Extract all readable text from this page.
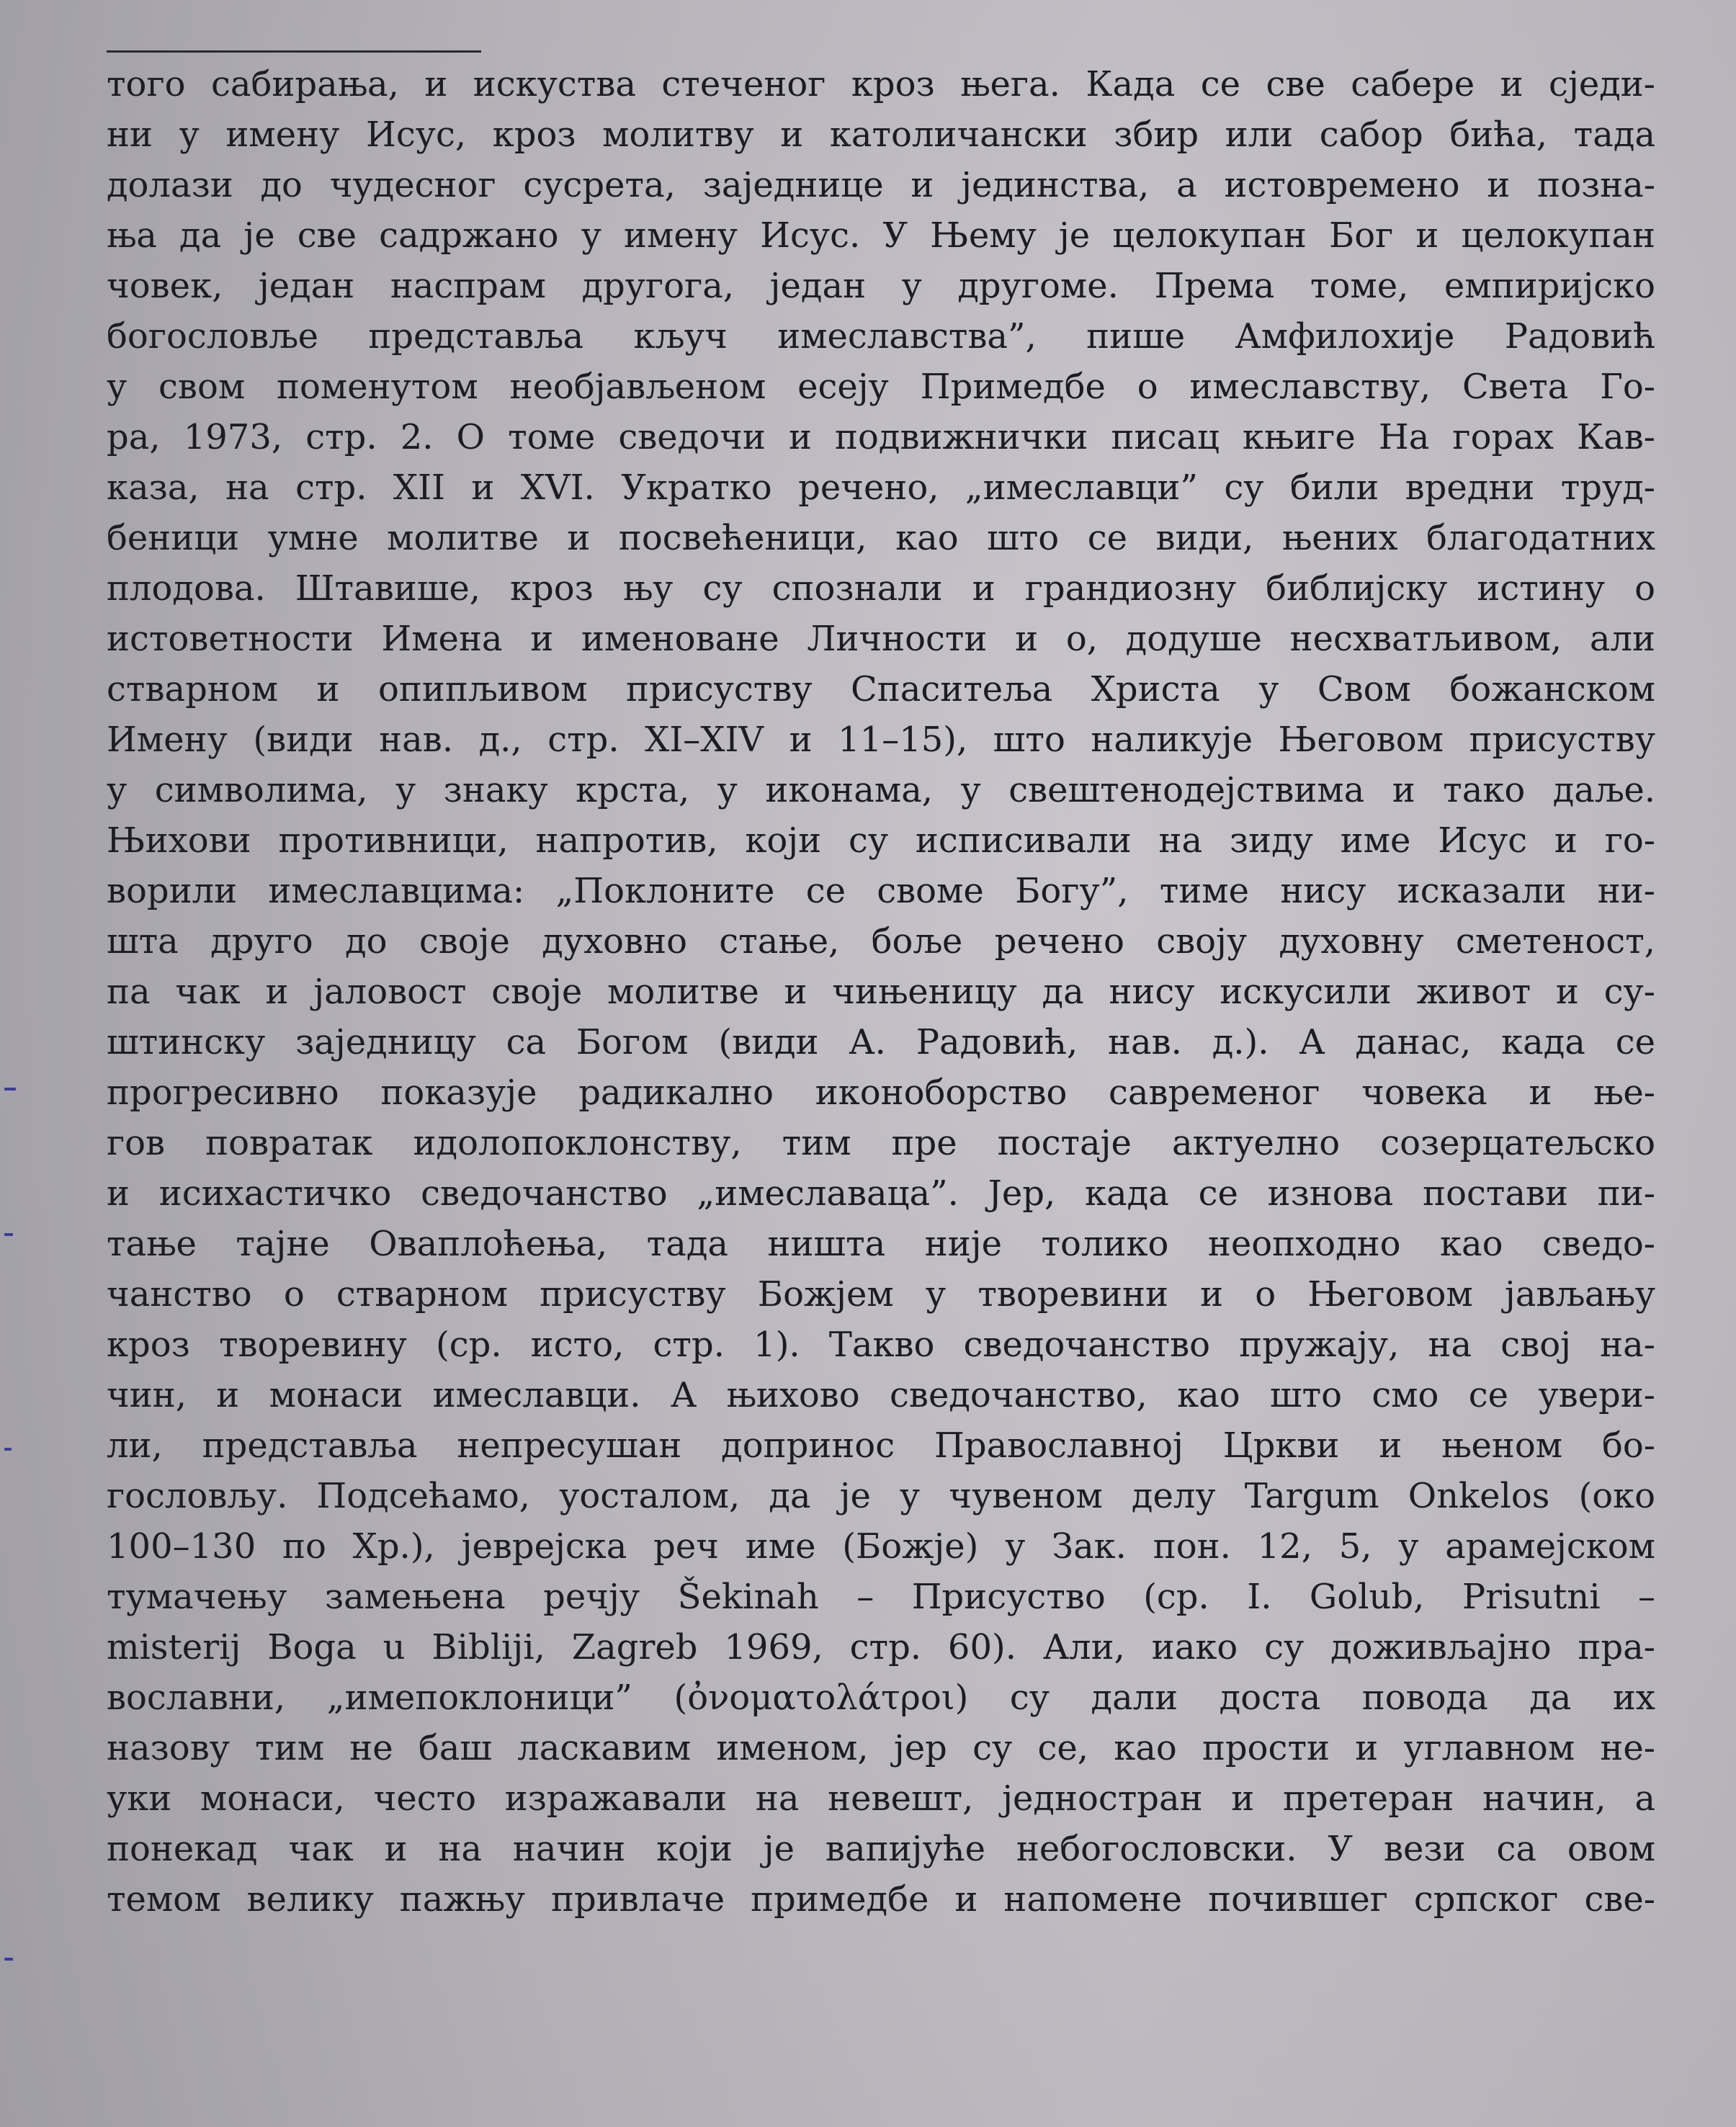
того сабирања, и искуства стеченог кроз њега. Када се све сабере и сједи-
ни у имену Исус, кроз молитву и католичански збир или сабор бића, тада
долази до чудесног сусрета, заједнице и јединства, а истовремено и позна-
ња да је све садржано у имену Исус. У Њему је целокупан Бог и целокупан
човек, један наспрам другога, један у другоме. Према томе, емпиријско
богословље представља кључ имеславства”, пише Амфилохије Радовић
у свом поменутом необјављеном есеју Примедбе о имеславству, Света Го-
ра, 1973, стр. 2. О томе сведочи и подвижнички писац књиге На горах Кав-
каза, на стр. XII и XVI. Укратко речено, „имеславци” су били вредни труд-
беници умне молитве и посвећеници, као што се види, њених благодатних
плодова. Штавише, кроз њу су спознали и грандиозну библијску истину о
истоветности Имена и именоване Личности и о, додуше несхватљивом, али
стварном и опипљивом присуству Спаситеља Христа у Свом божанском
Имену (види нав. д., стр. XI–XIV и 11–15), што наликује Његовом присуству
у символима, у знаку крста, у иконама, у свештенодејствима и тако даље.
Њихови противници, напротив, који су исписивали на зиду име Исус и го-
ворили имеславцима: „Поклоните се своме Богу”, тиме нису исказали ни-
шта друго до своје духовно стање, боље речено своју духовну сметеност,
па чак и јаловост своје молитве и чињеницу да нису искусили живот и су-
штинску заједницу са Богом (види А. Радовић, нав. д.). А данас, када се
прогресивно показује радикално иконоборство савременог човека и ње-
гов повратак идолопоклонству, тим пре постаје актуелно созерцатељско
и исихастичко сведочанство „имеславаца”. Јер, када се изнова постави пи-
тање тајне Оваплоћења, тада ништа није толико неопходно као сведо-
чанство о стварном присуству Божјем у творевини и о Његовом јављању
кроз творевину (ср. исто, стр. 1). Такво сведочанство пружају, на свој на-
чин, и монаси имеславци. А њихово сведочанство, као што смо се увери-
ли, представља непресушан допринос Православној Цркви и њеном бо-
гословљу. Подсећамо, уосталом, да је у чувеном делу Targum Onkelos (око
100–130 по Хр.), јеврејска реч име (Божје) у Зак. пон. 12, 5, у арамејском
тумачењу замењена речју Šekinah – Присуство (ср. I. Golub, Prisutni –
misterij Boga u Bibliji, Zagreb 1969, стр. 60). Али, иако су доживљајно пра-
вославни, „имепоклоници” (ὀνοματολάτροι) су дали доста повода да их
назову тим не баш ласкавим именом, јер су се, као прости и углавном не-
уки монаси, често изражавали на невешт, једностран и претеран начин, а
понекад чак и на начин који је вапијуће небогословски. У вези са овом
темом велику пажњу привлаче примедбе и напомене почившег српског све-
